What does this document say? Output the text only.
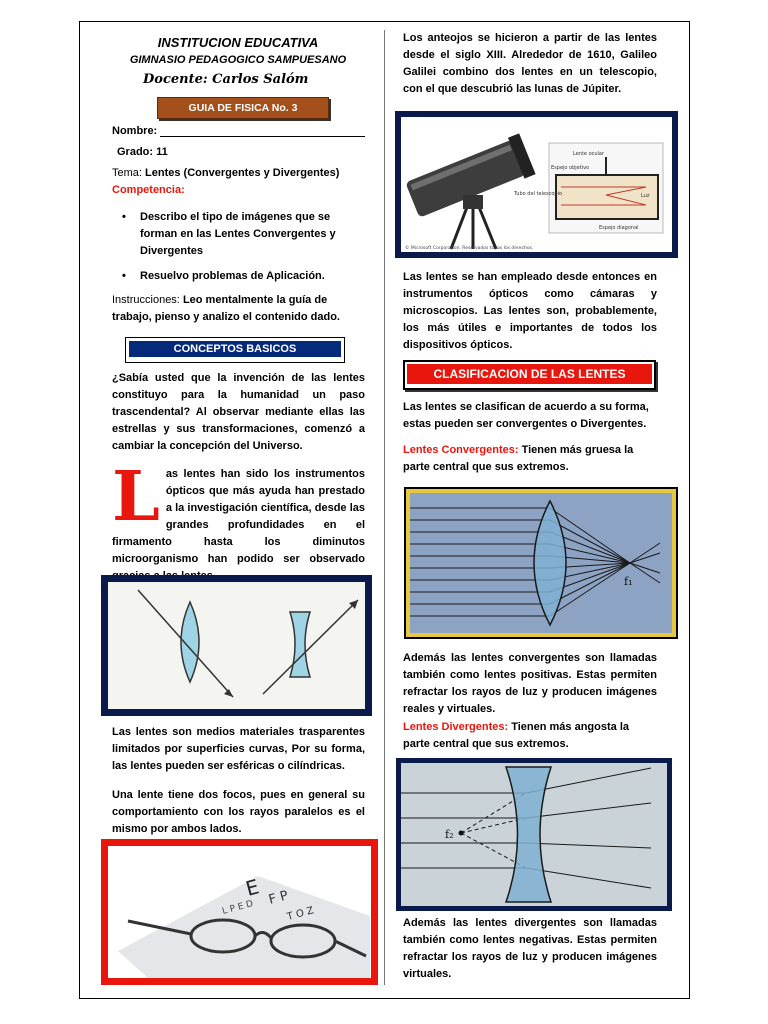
INSTITUCION EDUCATIVA
GIMNASIO PEDAGOGICO SAMPUESANO
Docente: Carlos Salóm
GUIA DE FISICA No. 3
Nombre:
Grado: 11
Tema: Lentes (Convergentes y Divergentes)
Competencia:
• Describo el tipo de imágenes que se forman en las Lentes Convergentes y Divergentes
• Resuelvo problemas de Aplicación.
Instrucciones: Leo mentalmente la guía de trabajo, pienso y analizo el contenido dado.
CONCEPTOS BASICOS
¿Sabía usted que la invención de las lentes constituyo para la humanidad un paso trascendental? Al observar mediante ellas las estrellas y sus transformaciones, comenzó a cambiar la concepción del Universo.
L as lentes han sido los instrumentos ópticos que más ayuda han prestado a la investigación científica, desde las grandes profundidades en el firmamento hasta los diminutos microorganismo han podido ser observado
Las lentes son medios materiales trasparentes limitados por superficies curvas, Por su forma, las lentes pueden ser esféricas o cilíndricas.
Una lente tiene dos focos, pues en general su comportamiento con los rayos paralelos es el mismo por ambos lados.
E F P
T O Z
L P E D
Los anteojos se hicieron a partir de las lentes desde el siglo XIII. Alrededor de 1610, Galileo Galilei combino dos lentes en un telescopio, con el que descubrió las lunas de Júpiter.
Lente ocular
Espejo objetivo
Tubo del telescopio	Luz
Espejo diagonal
© Microsoft Corporation. Reservados todos los derechos.
Las lentes se han empleado desde entonces en instrumentos ópticos como cámaras y microscopios. Las lentes son, probablemente, los más útiles e importantes de todos los dispositivos ópticos.
CLASIFICACION DE LAS LENTES
Las lentes se clasifican de acuerdo a su forma, estas pueden ser convergentes o Divergentes.
Lentes Convergentes: Tienen más gruesa la parte central que sus extremos.
f₁
Además las lentes convergentes son llamadas también como lentes positivas. Estas permiten refractar los rayos de luz y producen imágenes reales y virtuales.
Lentes Divergentes: Tienen más angosta la parte central que sus extremos.
f₂
Además las lentes divergentes son llamadas también como lentes negativas. Estas permiten refractar los rayos de luz y producen imágenes virtuales.
